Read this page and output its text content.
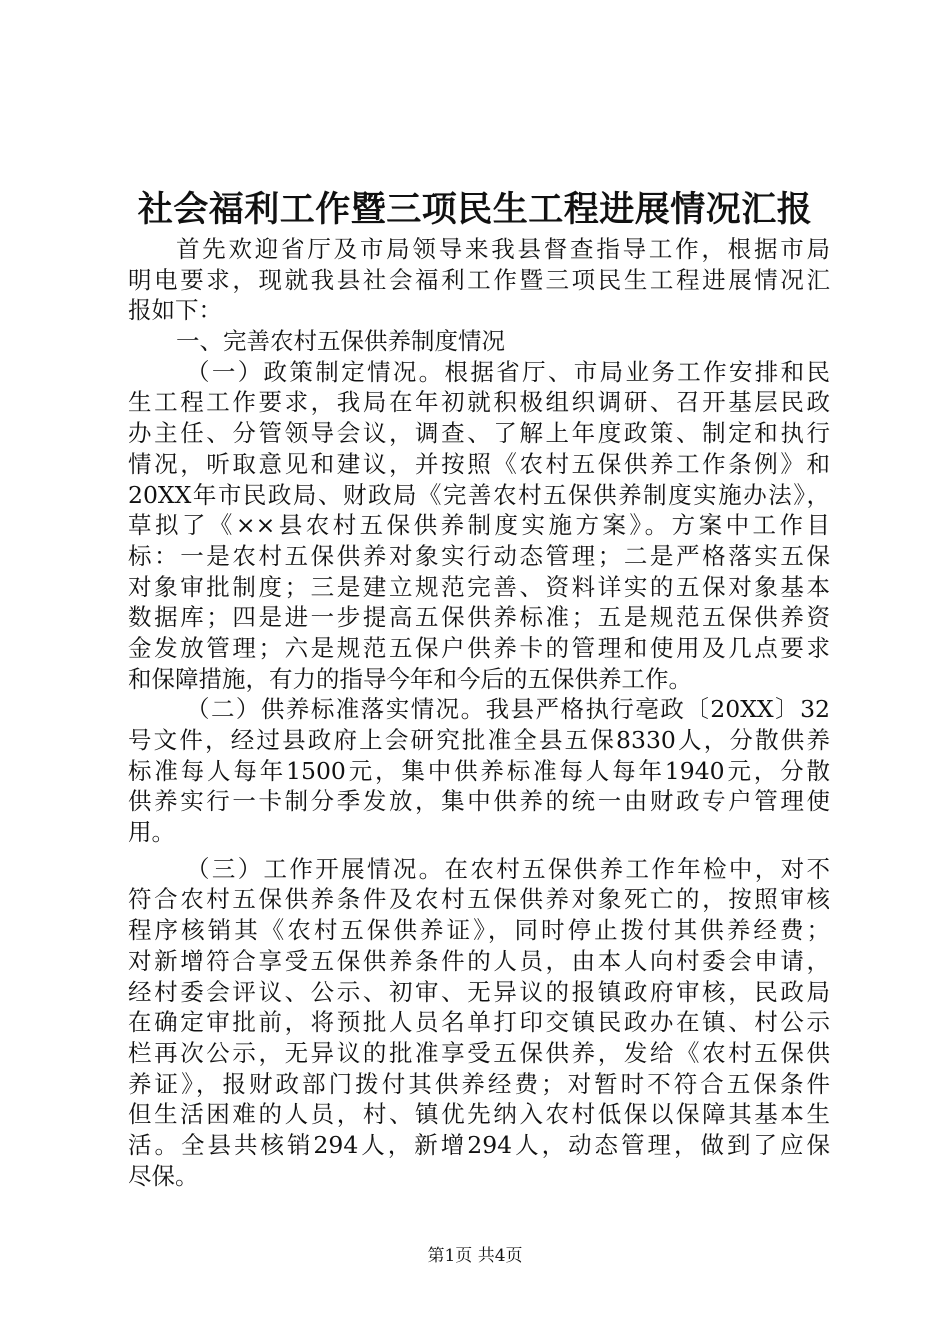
社会福利工作暨三项民生工程进展情况汇报
首先欢迎省厅及市局领导来我县督查指导工作，根据市局
明电要求，现就我县社会福利工作暨三项民生工程进展情况汇
报如下：
一、完善农村五保供养制度情况
（一）政策制定情况。根据省厅、市局业务工作安排和民
生工程工作要求，我局在年初就积极组织调研、召开基层民政
办主任、分管领导会议，调查、了解上年度政策、制定和执行
情况，听取意见和建议，并按照《农村五保供养工作条例》和
20XX年市民政局、财政局《完善农村五保供养制度实施办法》，
草拟了《××县农村五保供养制度实施方案》。方案中工作目
标：一是农村五保供养对象实行动态管理；二是严格落实五保
对象审批制度；三是建立规范完善、资料详实的五保对象基本
数据库；四是进一步提高五保供养标准；五是规范五保供养资
金发放管理；六是规范五保户供养卡的管理和使用及几点要求
和保障措施，有力的指导今年和今后的五保供养工作。
（二）供养标准落实情况。我县严格执行亳政〔20XX〕32
号文件，经过县政府上会研究批准全县五保8330人，分散供养
标准每人每年1500元，集中供养标准每人每年1940元，分散
供养实行一卡制分季发放，集中供养的统一由财政专户管理使
用。
（三）工作开展情况。在农村五保供养工作年检中，对不
符合农村五保供养条件及农村五保供养对象死亡的，按照审核
程序核销其《农村五保供养证》，同时停止拨付其供养经费；
对新增符合享受五保供养条件的人员，由本人向村委会申请，
经村委会评议、公示、初审、无异议的报镇政府审核，民政局
在确定审批前，将预批人员名单打印交镇民政办在镇、村公示
栏再次公示，无异议的批准享受五保供养，发给《农村五保供
养证》，报财政部门拨付其供养经费；对暂时不符合五保条件
但生活困难的人员，村、镇优先纳入农村低保以保障其基本生
活。全县共核销294人，新增294人，动态管理，做到了应保
尽保。
第1页 共4页
